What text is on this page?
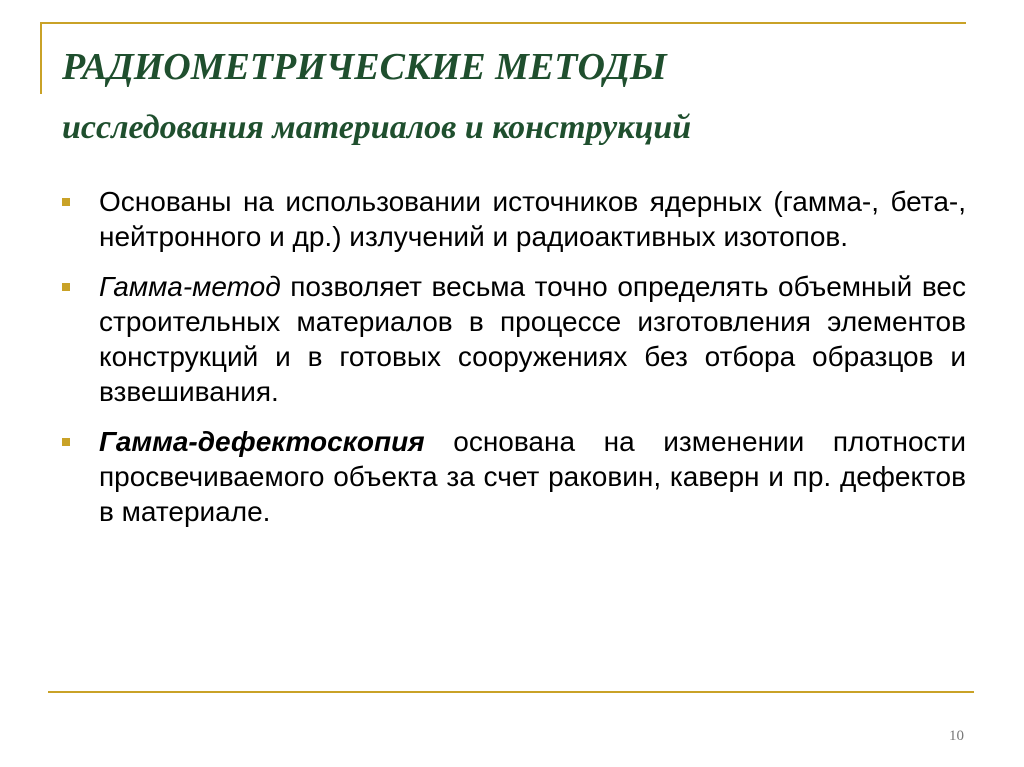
РАДИОМЕТРИЧЕСКИЕ МЕТОДЫ
исследования материалов и конструкций
Основаны на использовании источников ядерных (гамма-, бета-, нейтронного и др.) излучений и радиоактивных изотопов.
Гамма-метод позволяет весьма точно определять объемный вес строительных материалов в процессе изготовления элементов конструкций и в готовых сооружениях без отбора образцов и взвешивания.
Гамма-дефектоскопия основана на изменении плотности просвечиваемого объекта за счет раковин, каверн и пр. дефектов в материале.
10
